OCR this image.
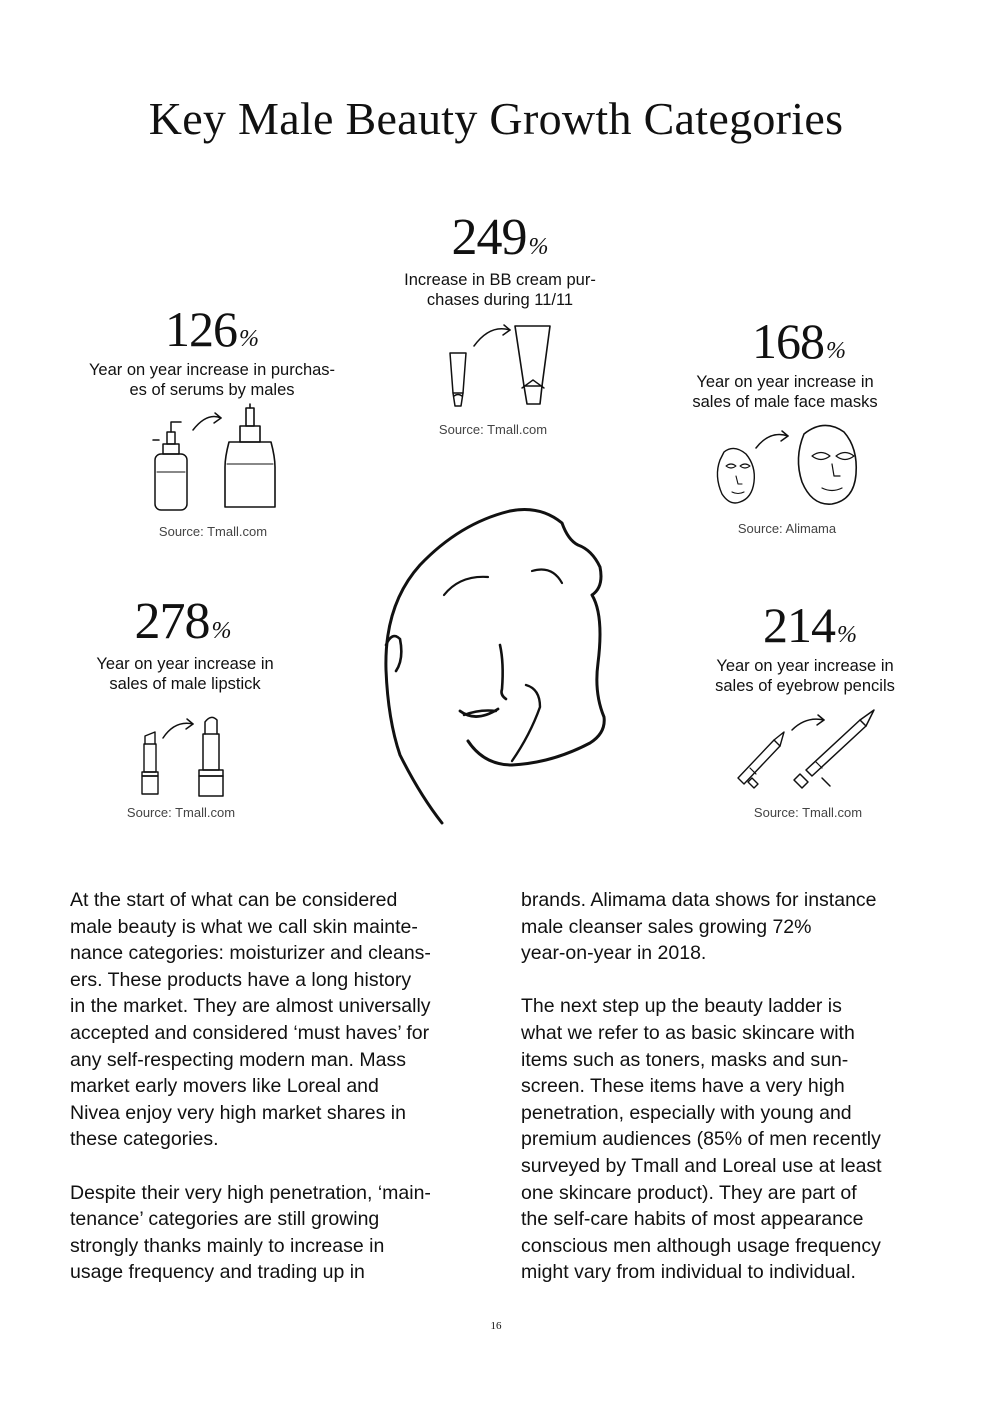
Key Male Beauty Growth Categories
249%
Increase in BB cream pur-
chases during 11/11
Source: Tmall.com
126%
Year on year increase in purchas-
es of serums by males
Source: Tmall.com
168%
Year on year increase in
sales of male face masks
Source: Alimama
278%
Year on year increase in
sales of male lipstick
Source: Tmall.com
214%
Year on year increase in
sales of eyebrow pencils
Source: Tmall.com

At the start of what can be considered
male beauty is what we call skin mainte-
nance categories: moisturizer and cleans-
ers. These products have a long history
in the market. They are almost universally
accepted and considered ‘must haves’ for
any self-respecting modern man. Mass
market early movers like Loreal and
Nivea enjoy very high market shares in
these categories.

Despite their very high penetration, ‘main-
tenance’ categories are still growing
strongly thanks mainly to increase in
usage frequency and trading up in

brands. Alimama data shows for instance
male cleanser sales growing 72%
year-on-year in 2018.

The next step up the beauty ladder is
what we refer to as basic skincare with
items such as toners, masks and sun-
screen. These items have a very high
penetration, especially with young and
premium audiences (85% of men recently
surveyed by Tmall and Loreal use at least
one skincare product). They are part of
the self-care habits of most appearance
conscious men although usage frequency
might vary from individual to individual.

16
